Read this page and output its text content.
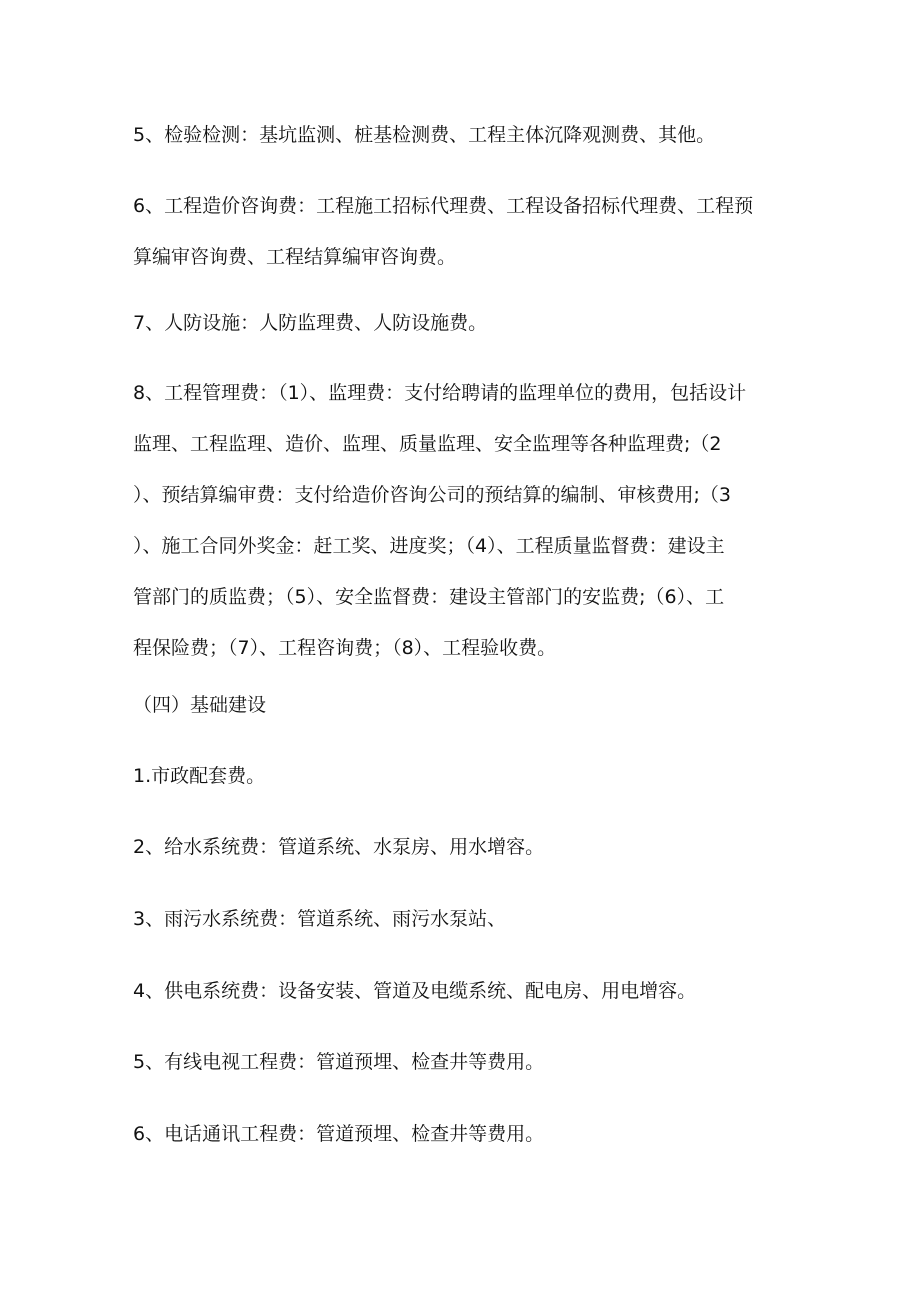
5、检验检测：基坑监测、桩基检测费、工程主体沉降观测费、其他。
6、工程造价咨询费：工程施工招标代理费、工程设备招标代理费、工程预
算编审咨询费、工程结算编审咨询费。
7、人防设施：人防监理费、人防设施费。
8、工程管理费：（1）、监理费：支付给聘请的监理单位的费用，包括设计
监理、工程监理、造价、监理、质量监理、安全监理等各种监理费;（2
）、预结算编审费：支付给造价咨询公司的预结算的编制、审核费用;（3
）、施工合同外奖金：赶工奖、进度奖；（4）、工程质量监督费：建设主
管部门的质监费；（5）、安全监督费：建设主管部门的安监费;（6）、工
程保险费；（7）、工程咨询费；（8）、工程验收费。
（四）基础建设
1.市政配套费。
2、给水系统费：管道系统、水泵房、用水增容。
3、雨污水系统费：管道系统、雨污水泵站、
4、供电系统费：设备安装、管道及电缆系统、配电房、用电增容。
5、有线电视工程费：管道预埋、检查井等费用。
6、电话通讯工程费：管道预埋、检查井等费用。
